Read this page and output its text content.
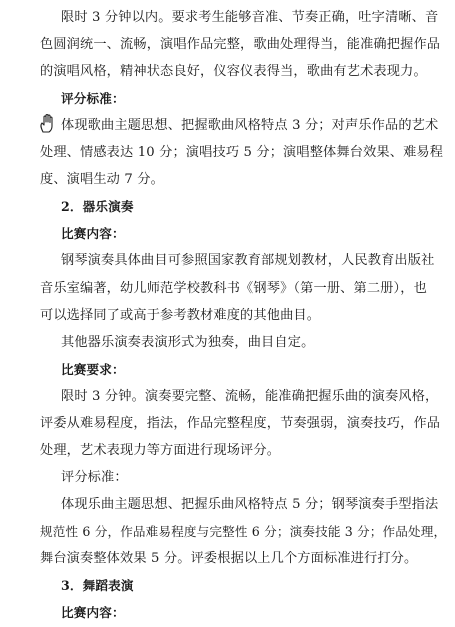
限时 3 分钟以内。要求考生能够音准、节奏正确，吐字清晰、音
色圆润统一、流畅，演唱作品完整，歌曲处理得当，能准确把握作品
的演唱风格，精神状态良好，仪容仪表得当，歌曲有艺术表现力。
评分标准：
体现歌曲主题思想、把握歌曲风格特点 3 分；对声乐作品的艺术
处理、情感表达 10 分；演唱技巧 5 分；演唱整体舞台效果、难易程
度、演唱生动 7 分。
2．器乐演奏
比赛内容：
钢琴演奏具体曲目可参照国家教育部规划教材，人民教育出版社
音乐室编著，幼儿师范学校教科书《钢琴》（第一册、第二册），也
可以选择同了或高于参考教材难度的其他曲目。
其他器乐演奏表演形式为独奏，曲目自定。
比赛要求：
限时 3 分钟。演奏要完整、流畅，能准确把握乐曲的演奏风格，
评委从难易程度，指法，作品完整程度，节奏强弱，演奏技巧，作品
处理，艺术表现力等方面进行现场评分。
评分标准：
体现乐曲主题思想、把握乐曲风格特点 5 分；钢琴演奏手型指法
规范性 6 分，作品难易程度与完整性 6 分；演奏技能 3 分；作品处理，
舞台演奏整体效果 5 分。评委根据以上几个方面标准进行打分。
3．舞蹈表演
比赛内容：
